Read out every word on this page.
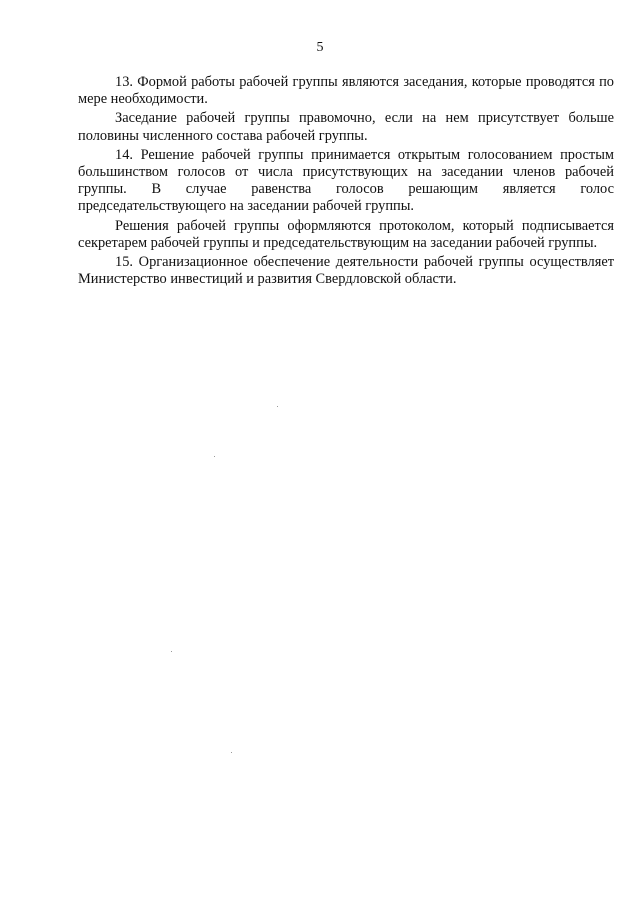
5

13. Формой работы рабочей группы являются заседания, которые проводятся по мере необходимости.

Заседание рабочей группы правомочно, если на нем присутствует больше половины численного состава рабочей группы.

14. Решение рабочей группы принимается открытым голосованием простым большинством голосов от числа присутствующих на заседании членов рабочей группы. В случае равенства голосов решающим является голос председательствующего на заседании рабочей группы.

Решения рабочей группы оформляются протоколом, который подписывается секретарем рабочей группы и председательствующим на заседании рабочей группы.

15. Организационное обеспечение деятельности рабочей группы осуществляет Министерство инвестиций и развития Свердловской области.
